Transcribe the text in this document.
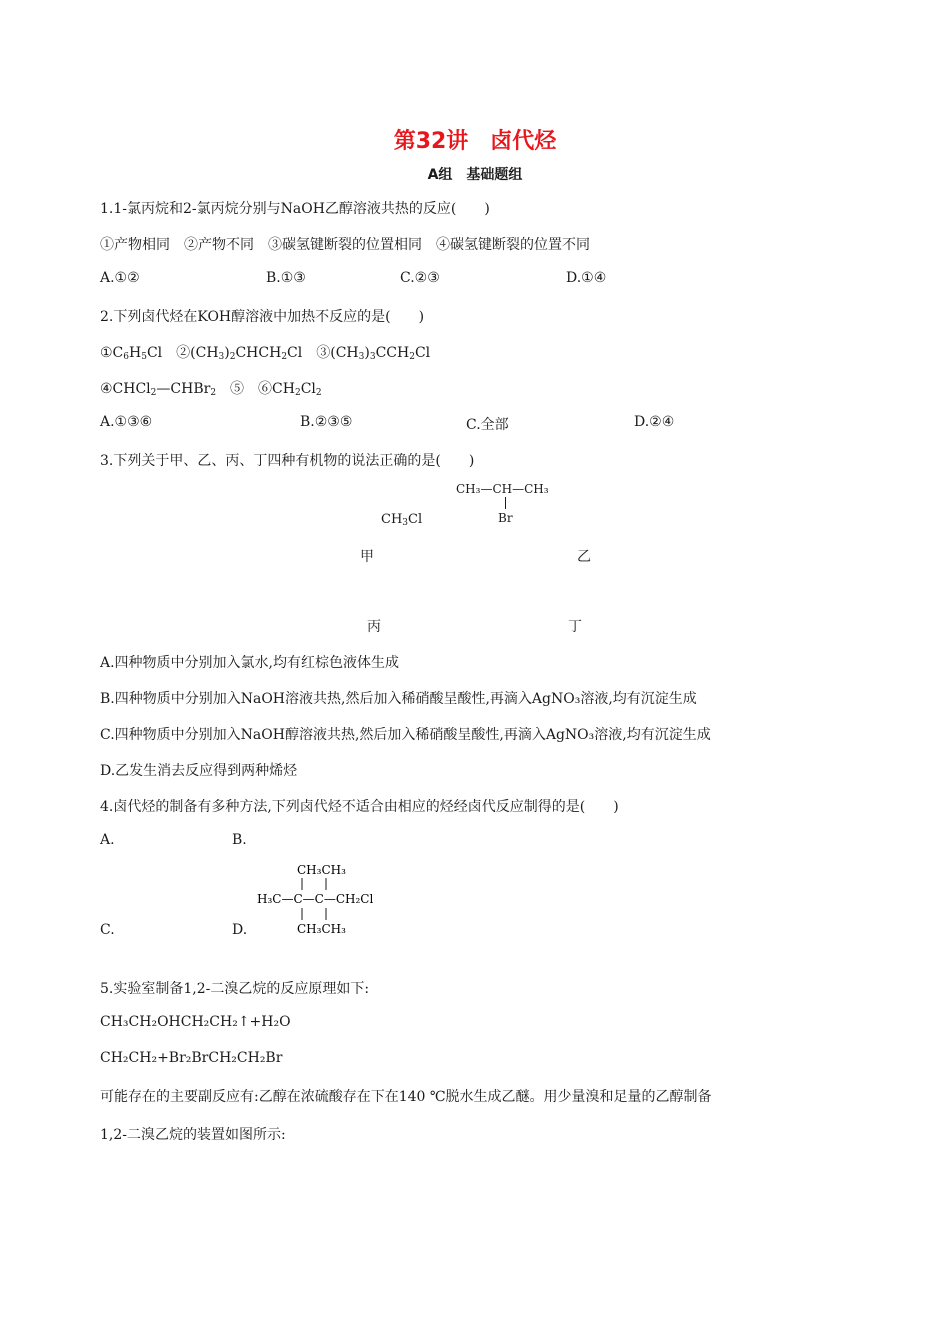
第32讲　卤代烃
A组　基础题组
1.1-氯丙烷和2-氯丙烷分别与NaOH乙醇溶液共热的反应(　　)
①产物相同　②产物不同　③碳氢键断裂的位置相同　④碳氢键断裂的位置不同
A.①②	B.①③	C.②③	D.①④
2.下列卤代烃在KOH醇溶液中加热不反应的是(　　)
$①C_6H_5Cl$　$②(CH_3)_2CHCH_2Cl$　$③(CH_3)_3CCH_2Cl$
④CHCl$_2$—CHBr$_2$　⑤　$⑥CH_2Cl_2$
A.①③⑥	B.②③⑤	C.全部	D.②④
3.下列关于甲、乙、丙、丁四种有机物的说法正确的是(　　)
CH₃—CH—CH₃
Br
$CH_3Cl$
甲	乙
丙	丁
A.四种物质中分别加入氯水,均有红棕色液体生成
B.四种物质中分别加入NaOH溶液共热,然后加入稀硝酸呈酸性,再滴入AgNO₃溶液,均有沉淀生成
C.四种物质中分别加入NaOH醇溶液共热,然后加入稀硝酸呈酸性,再滴入AgNO₃溶液,均有沉淀生成
D.乙发生消去反应得到两种烯烃
4.卤代烃的制备有多种方法,下列卤代烃不适合由相应的烃经卤代反应制得的是(　　)
A.	B.
CH₃CH₃
H₃C—C—C—CH₂Cl
CH₃CH₃
C.	D.
5.实验室制备1,2-二溴乙烷的反应原理如下:
CH₃CH₂OHCH₂CH₂↑+H₂O
CH₂CH₂+Br₂BrCH₂CH₂Br
可能存在的主要副反应有:乙醇在浓硫酸存在下在140 ℃脱水生成乙醚。用少量溴和足量的乙醇制备
1,2-二溴乙烷的装置如图所示:
